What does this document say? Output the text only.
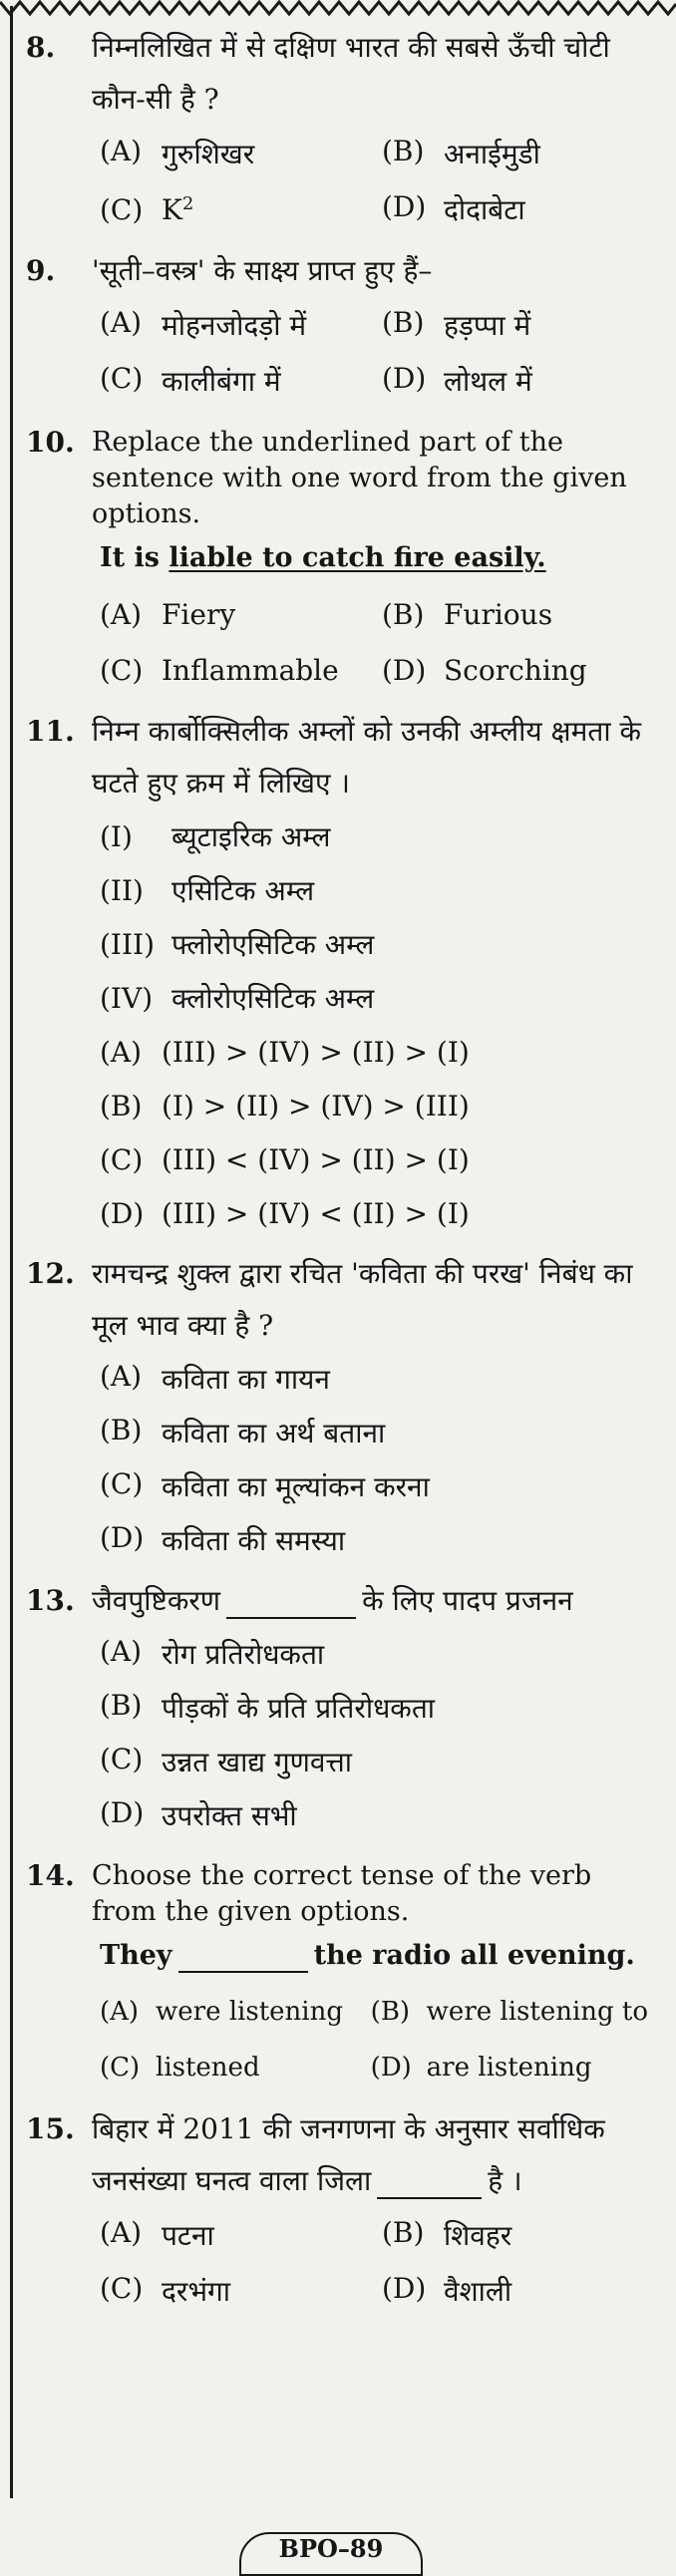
8.	निम्नलिखित में से दक्षिण भारत की सबसे ऊँची चोटी कौन-सी है ?
(A) गुरुशिखर	(B) अनाईमुडी
(C) K 2	(D) दोदाबेटा
9.	'सूती–वस्त्र' के साक्ष्य प्राप्त हुए हैं–
(A) मोहनजोदड़ो में	(B) हड़प्पा में
(C) कालीबंगा में	(D) लोथल में
10. Replace the underlined part of the sentence with one word from the given options.
It is liable to catch fire easily.
(A) Fiery	(B) Furious
(C) Inflammable (D) Scorching
11. निम्न कार्बोक्सिलीक अम्लों को उनकी अम्लीय क्षमता के घटते हुए क्रम में लिखिए ।
(I)	ब्यूटाइरिक अम्ल
(II)	एसिटिक अम्ल
(III) फ्लोरोएसिटिक अम्ल
(IV) क्लोरोएसिटिक अम्ल
(A) (III) > (IV) > (II) > (I)
(B) (I) > (II) > (IV) > (III)
(C) (III) < (IV) > (II) > (I)
(D) (III) > (IV) < (II) > (I)
12. रामचन्द्र शुक्ल द्वारा रचित 'कविता की परख' निबंध का मूल भाव क्या है ?
(A) कविता का गायन
(B) कविता का अर्थ बताना
(C) कविता का मूल्यांकन करना
(D) कविता की समस्या
13. जैवपुष्टिकरण	के लिए पादप प्रजनन
(A) रोग प्रतिरोधकता
(B) पीड़कों के प्रति प्रतिरोधकता
(C) उन्नत खाद्य गुणवत्ता
(D) उपरोक्त सभी
14. Choose the correct tense of the verb from the given options.
They	the radio all evening.
(A) were listening (B) were listening to
(C) listened	(D) are listening
15. बिहार में 2011 की जनगणना के अनुसार सर्वाधिक जनसंख्या घनत्व वाला जिला	है ।
(A) पटना	(B) शिवहर
(C) दरभंगा	(D) वैशाली
BPO–89
